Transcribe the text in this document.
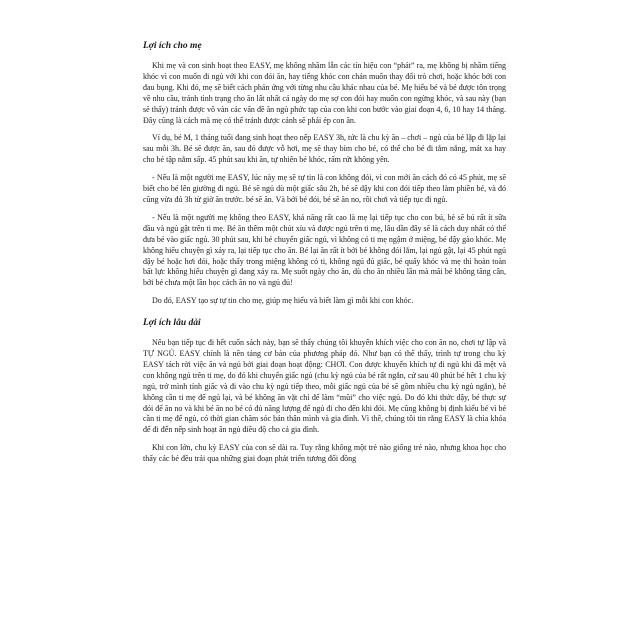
Lợi ích cho mẹ

Khi mẹ và con sinh hoạt theo EASY, mẹ không nhầm lẫn các tín hiệu con “phát” ra, mẹ không bị nhầm tiếng khóc vì con muốn đi ngủ với khi con đói ăn, hay tiếng khóc con chán muốn thay đổi trò chơi, hoặc khóc bởi con đau bụng. Khi đó, mẹ sẽ biết cách phản ứng với từng nhu cầu khác nhau của bé. Mẹ hiểu bé và bé được tôn trọng về nhu cầu, tránh tình trạng cho ăn lất nhất cả ngày do mẹ sợ con đói hay muốn con ngừng khóc, và sau này (bạn sẽ thấy) tránh được vô vàn các vấn đề ăn ngủ phức tạp của con khi con bước vào giai đoạn 4, 6, 10 hay 14 tháng. Đây cũng là cách mà mẹ có thể tránh được cảnh sẽ phải ép con ăn.

Ví dụ, bé M, 1 tháng tuổi đang sinh hoạt theo nếp EASY 3h, tức là chu kỳ ăn – chơi – ngủ của bé lặp đi lặp lại sau mỗi 3h. Bé sẽ được ăn, sau đó được vỗ hơi, mẹ sẽ thay bỉm cho bé, có thể cho bé đi tắm nắng, mát xa hay cho bé tập nằm sấp. 45 phút sau khi ăn, tự nhiên bé khóc, rấm rứt không yên.

- Nếu là một người mẹ EASY, lúc này mẹ sẽ tự tin là con không đói, vì con mới ăn cách đó có 45 phút, mẹ sẽ biết cho bé lên giường đi ngủ. Bé sẽ ngủ dù một giấc sâu 2h, bé sẽ dậy khi con đói tiếp theo làm phiền bé, và đó cũng vừa đủ 3h từ giờ ăn trước. bé sẽ ăn. Và bởi bé đói, bé sẽ ăn no, rồi chơi và tiếp tục đi ngủ.

- Nếu là một người mẹ không theo EASY, khả năng rất cao là mẹ lại tiếp tục cho con bú, bé sẽ bú rất ít sữa đầu và ngủ gật trên ti mẹ. Bé ăn thêm một chút xíu và được ngủ trên ti mẹ, lâu dần đây sẽ là cách duy nhất có thể đưa bé vào giấc ngủ. 30 phút sau, khi bé chuyển giấc ngủ, vì không có ti mẹ ngậm ở miệng, bé dậy gào khóc. Mẹ không hiểu chuyện gì xảy ra, lại tiếp tục cho ăn. Bé lại ăn rất ít bởi bé không đói lắm, lại ngủ gật, lại 45 phút ngủ dậy bé hoặc hơi đói, hoặc thấy trong miệng không có ti, không ngủ đủ giấc, bé quấy khóc và mẹ thì hoàn toàn bất lực không hiểu chuyện gì đang xảy ra. Mẹ suốt ngày cho ăn, dù cho ăn nhiều lần mà mãi bé không tăng cân, bởi bé chưa một lần học cách ăn no và ngủ đủ!

Do đó, EASY tạo sự tự tin cho mẹ, giúp mẹ hiểu và biết làm gì mỗi khi con khóc.

Lợi ích lâu dài

Nếu bạn tiếp tục đi hết cuốn sách này, bạn sẽ thấy chúng tôi khuyến khích việc cho con ăn no, chơi tự lập và TỰ NGỦ. EASY chính là nền tảng cơ bản của phương pháp đó. Như bạn có thể thấy, trình tự trong chu kỳ EASY tách rời việc ăn và ngủ bởi giai đoạn hoạt động: CHƠI. Con được khuyến khích tự đi ngủ khi đã mệt và con không ngủ trên ti mẹ, do đó khi chuyển giấc ngủ (chu kỳ ngủ của bé rất ngắn, cứ sau 40 phút bé hết 1 chu kỳ ngủ, trở mình tỉnh giấc và đi vào chu kỳ ngủ tiếp theo, mỗi giấc ngủ của bé sẽ gồm nhiều chu kỳ ngủ ngắn), bé không cần ti mẹ để ngủ lại, và bé không ăn vặt chỉ để làm “mũi” cho việc ngủ. Do đó khi thức dậy, bé thực sự đói để ăn no và khi bé ăn no bé có đủ năng lượng để ngủ đi cho đến khi đói. Mẹ cũng không bị định kiểu bé vì bé cần ti mẹ để ngủ, có thời gian chăm sóc bản thân mình và gia đình. Vì thế, chúng tôi tin rằng EASY là chìa khóa để đi đến nếp sinh hoạt ăn ngủ điều độ cho cả gia đình.

Khi con lớn, chu kỳ EASY của con sẽ dài ra. Tuy rằng không một trẻ nào giống trẻ nào, nhưng khoa học cho thấy các bé đều trải qua những giai đoạn phát triển tương đối đồng
